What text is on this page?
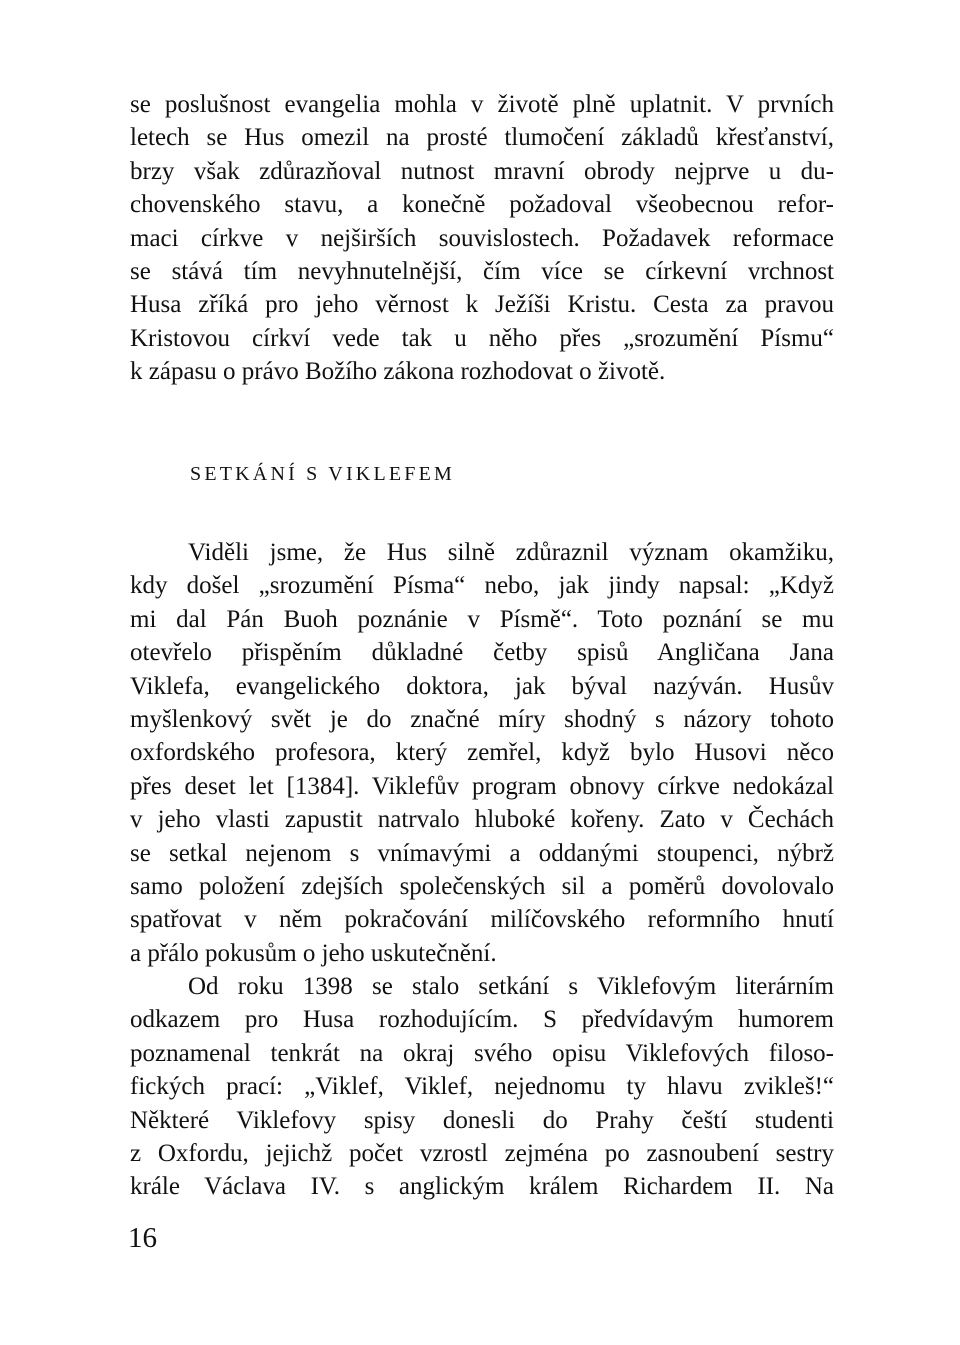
se poslušnost evangelia mohla v životě plně uplatnit. V prvních
letech se Hus omezil na prosté tlumočení základů křesťanství,
brzy však zdůrazňoval nutnost mravní obrody nejprve u du-
chovenského stavu, a konečně požadoval všeobecnou refor-
maci církve v nejširších souvislostech. Požadavek reformace
se stává tím nevyhnutelnější, čím více se církevní vrchnost
Husa zříká pro jeho věrnost k Ježíši Kristu. Cesta za pravou
Kristovou církví vede tak u něho přes „srozumění Písmu“
k zápasu o právo Božího zákona rozhodovat o životě.
SETKÁNÍ S VIKLEFEM
Viděli jsme, že Hus silně zdůraznil význam okamžiku,
kdy došel „srozumění Písma“ nebo, jak jindy napsal: „Když
mi dal Pán Buoh poznánie v Písmě“. Toto poznání se mu
otevřelo přispěním důkladné četby spisů Angličana Jana
Viklefa, evangelického doktora, jak býval nazýván. Husův
myšlenkový svět je do značné míry shodný s názory tohoto
oxfordského profesora, který zemřel, když bylo Husovi něco
přes deset let [1384]. Viklefův program obnovy církve nedokázal
v jeho vlasti zapustit natrvalo hluboké kořeny. Zato v Čechách
se setkal nejenom s vnímavými a oddanými stoupenci, nýbrž
samo položení zdejších společenských sil a poměrů dovolovalo
spatřovat v něm pokračování milíčovského reformního hnutí
a přálo pokusům o jeho uskutečnění.
Od roku 1398 se stalo setkání s Viklefovým literárním
odkazem pro Husa rozhodujícím. S předvídavým humorem
poznamenal tenkrát na okraj svého opisu Viklefových filoso-
fických prací: „Viklef, Viklef, nejednomu ty hlavu zvikleš!“
Některé Viklefovy spisy donesli do Prahy čeští studenti
z Oxfordu, jejichž počet vzrostl zejména po zasnoubení sestry
krále Václava IV. s anglickým králem Richardem II. Na
16
